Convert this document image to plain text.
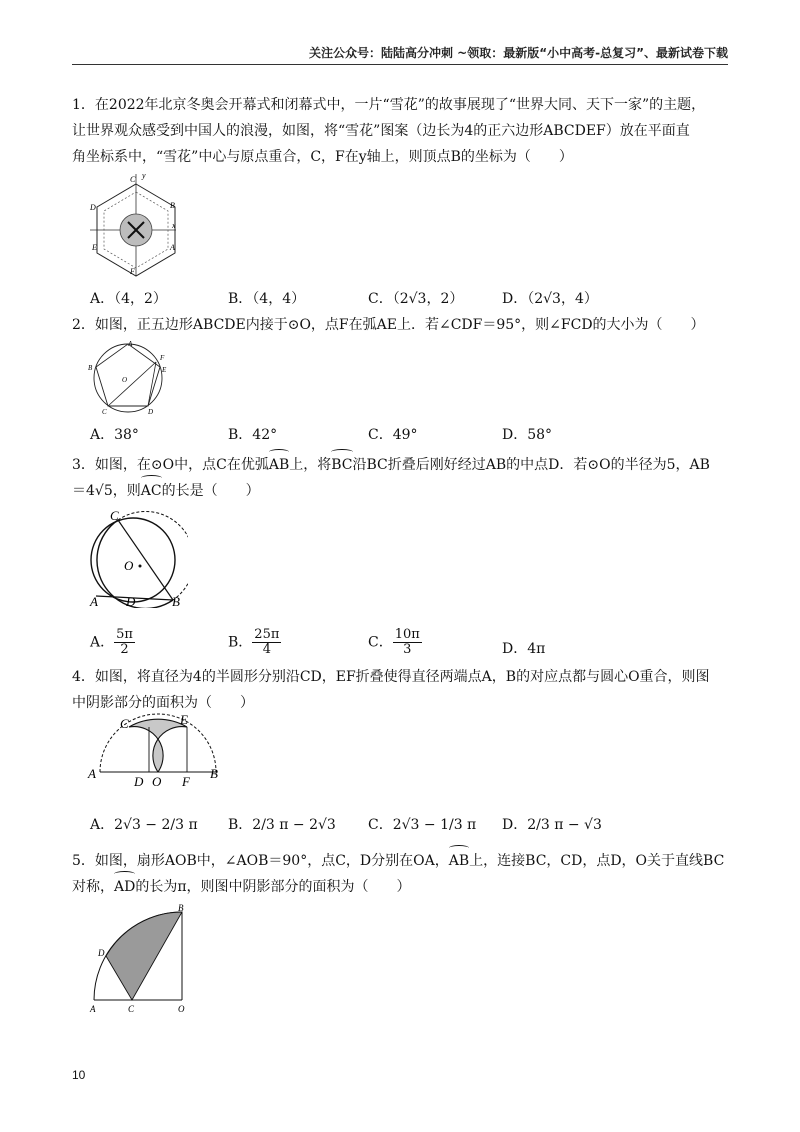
关注公众号：陆陆高分冲刺 ~领取：最新版“小中高考-总复习”、最新试卷下载
1．在2022年北京冬奥会开幕式和闭幕式中，一片“雪花”的故事展现了“世界大同、天下一家”的主题，
让世界观众感受到中国人的浪漫，如图，将“雪花”图案（边长为4的正六边形ABCDEF）放在平面直
角坐标系中，“雪花”中心与原点重合，C，F在y轴上，则顶点B的坐标为（　　）
C y
D	B
x
E	A
F
A．（4，2）	B．（4，4）	C．（2√3，2）	D．（2√3，4）
2．如图，正五边形ABCDE内接于⊙O，点F在弧AE上．若∠CDF＝95°，则∠FCD的大小为（　　）
A
F
E
B
O
C	D
A．38°	B．42°	C．49°	D．58°
3．如图，在⊙O中，点C在优弧AB上，将BC沿BC折叠后刚好经过AB的中点D．若⊙O的半径为5，AB
＝4√5，则AC的长是（　　）
C
O
A D	B
A． $\frac{5\pi}{2}$	B． $\frac{25\pi}{4}$	C． $\frac{10\pi}{3}$	D．4π
4．如图，将直径为4的半圆形分别沿CD，EF折叠使得直径两端点A，B的对应点都与圆心O重合，则图
中阴影部分的面积为（　　）
A
C	E
D O F
B
A．2√3 − 2/3 π B．2/3 π − 2√3 C．2√3 − 1/3 π D．2/3 π − √3
5．如图，扇形AOB中，∠AOB＝90°，点C，D分别在OA，AB上，连接BC，CD，点D，O关于直线BC
对称，AD的长为π，则图中阴影部分的面积为（　　）
B
D
A	C	O
10
